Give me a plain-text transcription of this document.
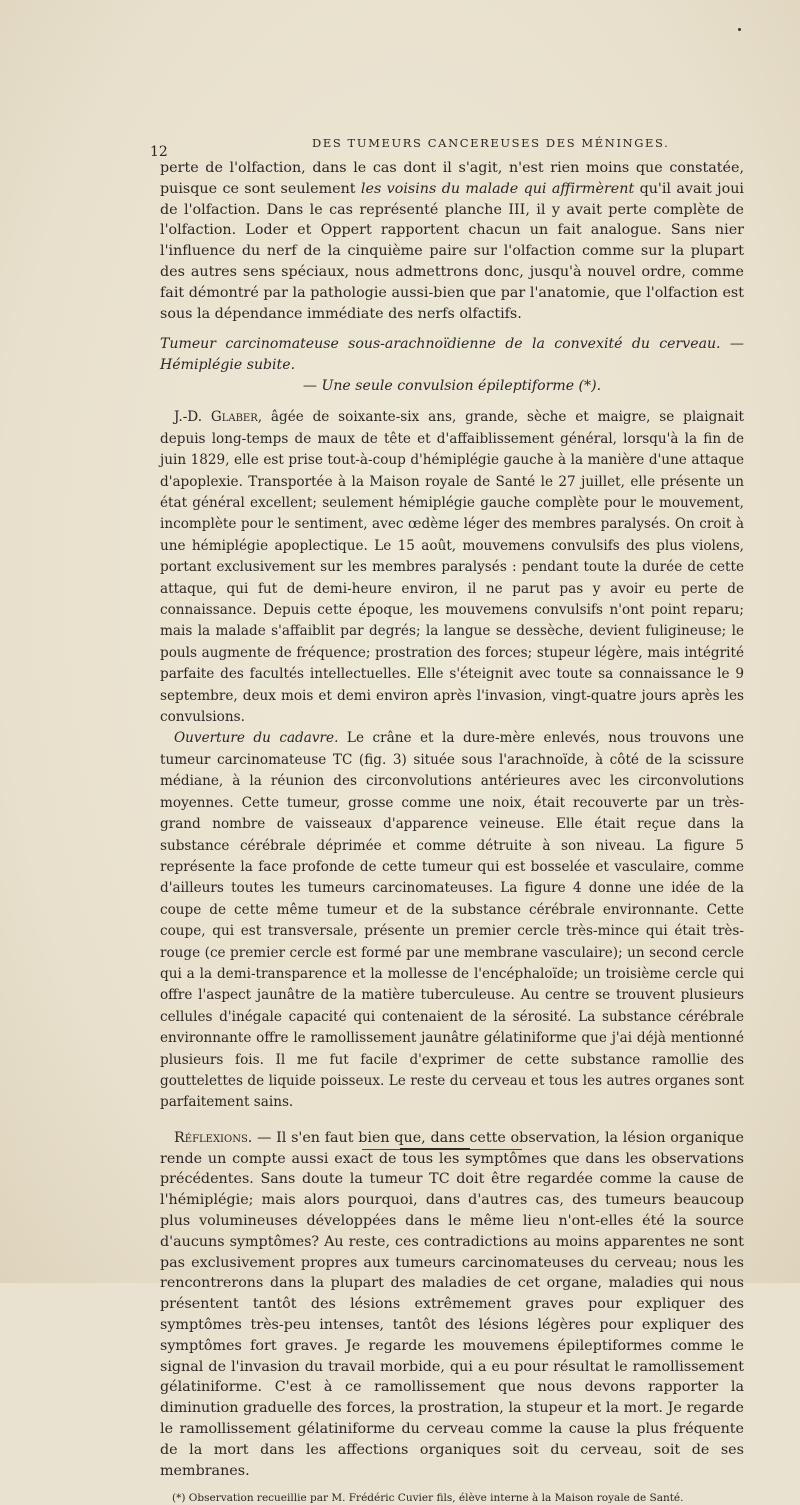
12
DES TUMEURS CANCEREUSES DES MÉNINGES.

perte de l'olfaction, dans le cas dont il s'agit, n'est rien moins que constatée, puisque ce sont seulement les voisins du malade qui affirmèrent qu'il avait joui de l'olfaction. Dans le cas représenté planche III, il y avait perte complète de l'olfaction. Loder et Oppert rapportent chacun un fait analogue. Sans nier l'influence du nerf de la cinquième paire sur l'olfaction comme sur la plupart des autres sens spéciaux, nous admettrons donc, jusqu'à nouvel ordre, comme fait démontré par la pathologie aussi-bien que par l'anatomie, que l'olfaction est sous la dépendance immédiate des nerfs olfactifs.

Tumeur carcinomateuse sous-arachnoïdienne de la convexité du cerveau. — Hémiplégie subite.
— Une seule convulsion épileptiforme (*).

J.-D. Glaber, âgée de soixante-six ans, grande, sèche et maigre, se plaignait depuis long-temps de maux de tête et d'affaiblissement général, lorsqu'à la fin de juin 1829, elle est prise tout-à-coup d'hémiplégie gauche à la manière d'une attaque d'apoplexie. Transportée à la Maison royale de Santé le 27 juillet, elle présente un état général excellent; seulement hémiplégie gauche complète pour le mouvement, incomplète pour le sentiment, avec œdème léger des membres paralysés. On croit à une hémiplégie apoplectique. Le 15 août, mouvemens convulsifs des plus violens, portant exclusivement sur les membres paralysés : pendant toute la durée de cette attaque, qui fut de demi-heure environ, il ne parut pas y avoir eu perte de connaissance. Depuis cette époque, les mouvemens convulsifs n'ont point reparu; mais la malade s'affaiblit par degrés; la langue se dessèche, devient fuligineuse; le pouls augmente de fréquence; prostration des forces; stupeur légère, mais intégrité parfaite des facultés intellectuelles. Elle s'éteignit avec toute sa connaissance le 9 septembre, deux mois et demi environ après l'invasion, vingt-quatre jours après les convulsions.

Ouverture du cadavre. Le crâne et la dure-mère enlevés, nous trouvons une tumeur carcinomateuse TC (fig. 3) située sous l'arachnoïde, à côté de la scissure médiane, à la réunion des circonvolutions antérieures avec les circonvolutions moyennes. Cette tumeur, grosse comme une noix, était recouverte par un très-grand nombre de vaisseaux d'apparence veineuse. Elle était reçue dans la substance cérébrale déprimée et comme détruite à son niveau. La figure 5 représente la face profonde de cette tumeur qui est bosselée et vasculaire, comme d'ailleurs toutes les tumeurs carcinomateuses. La figure 4 donne une idée de la coupe de cette même tumeur et de la substance cérébrale environnante. Cette coupe, qui est transversale, présente un premier cercle très-mince qui était très-rouge (ce premier cercle est formé par une membrane vasculaire); un second cercle qui a la demi-transparence et la mollesse de l'encéphaloïde; un troisième cercle qui offre l'aspect jaunâtre de la matière tuberculeuse. Au centre se trouvent plusieurs cellules d'inégale capacité qui contenaient de la sérosité. La substance cérébrale environnante offre le ramollissement jaunâtre gélatiniforme que j'ai déjà mentionné plusieurs fois. Il me fut facile d'exprimer de cette substance ramollie des gouttelettes de liquide poisseux. Le reste du cerveau et tous les autres organes sont parfaitement sains.

Réflexions. — Il s'en faut bien que, dans cette observation, la lésion organique rende un compte aussi exact de tous les symptômes que dans les observations précédentes. Sans doute la tumeur TC doit être regardée comme la cause de l'hémiplégie; mais alors pourquoi, dans d'autres cas, des tumeurs beaucoup plus volumineuses développées dans le même lieu n'ont-elles été la source d'aucuns symptômes? Au reste, ces contradictions au moins apparentes ne sont pas exclusivement propres aux tumeurs carcinomateuses du cerveau; nous les rencontrerons dans la plupart des maladies de cet organe, maladies qui nous présentent tantôt des lésions extrêmement graves pour expliquer des symptômes très-peu intenses, tantôt des lésions légères pour expliquer des symptômes fort graves. Je regarde les mouvemens épileptiformes comme le signal de l'invasion du travail morbide, qui a eu pour résultat le ramollissement gélatiniforme. C'est à ce ramollissement que nous devons rapporter la diminution graduelle des forces, la prostration, la stupeur et la mort. Je regarde le ramollissement gélatiniforme du cerveau comme la cause la plus fréquente de la mort dans les affections organiques soit du cerveau, soit de ses membranes.

(*) Observation recueillie par M. Frédéric Cuvier fils, élève interne à la Maison royale de Santé.
